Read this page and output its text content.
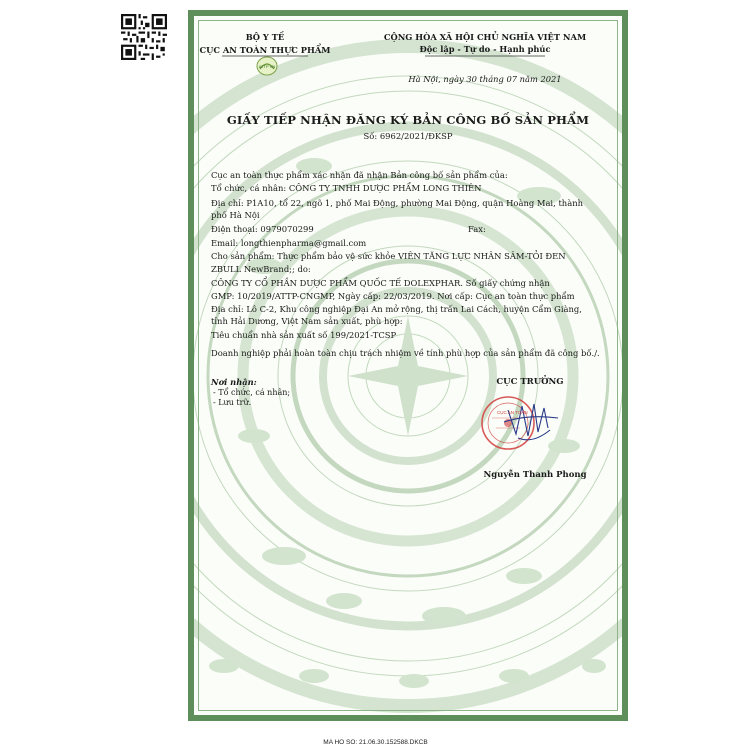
BỘ Y TẾ
CỤC AN TOÀN THỰC PHẨM
ATTP VN
CỘNG HÒA XÃ HỘI CHỦ NGHĨA VIỆT NAM
Độc lập - Tự do - Hạnh phúc
Hà Nội, ngày 30 tháng 07 năm 2021
GIẤY TIẾP NHẬN ĐĂNG KÝ BẢN CÔNG BỐ SẢN PHẨM
Số: 6962/2021/ĐKSP
Cục an toàn thực phẩm xác nhận đã nhận Bản công bố sản phẩm của:
Tổ chức, cá nhân: CÔNG TY TNHH DƯỢC PHẨM LONG THIÊN
Địa chỉ: P1A10, tổ 22, ngõ 1, phố Mai Động, phường Mai Động, quận Hoàng Mai, thành
phố Hà Nội
Điện thoại: 0979070299	Fax:
Email: longthienpharma@gmail.com
Cho sản phẩm: Thực phẩm bảo vệ sức khỏe VIÊN TĂNG LỰC NHÂN SÂM-TỎI ĐEN
ZBULL NewBrand;; do:
CÔNG TY CỔ PHẦN DƯỢC PHẨM QUỐC TẾ DOLEXPHAR. Số giấy chứng nhận
GMP: 10/2019/ATTP-CNGMP, Ngày cấp: 22/03/2019. Nơi cấp: Cục an toàn thực phẩm
Địa chỉ: Lô C-2, Khu công nghiệp Đại An mở rộng, thị trấn Lai Cách, huyện Cẩm Giàng,
tỉnh Hải Dương, Việt Nam sản xuất, phù hợp:
Tiêu chuẩn nhà sản xuất số 199/2021-TCSP
Doanh nghiệp phải hoàn toàn chịu trách nhiệm về tính phù hợp của sản phẩm đã công bố./.
Nơi nhận:
- Tổ chức, cá nhân;
- Lưu trữ.
CỤC TRƯỞNG
CỤC AN TOÀN
Nguyễn Thanh Phong
MA HO SO: 21.06.30.152588.DKCB
